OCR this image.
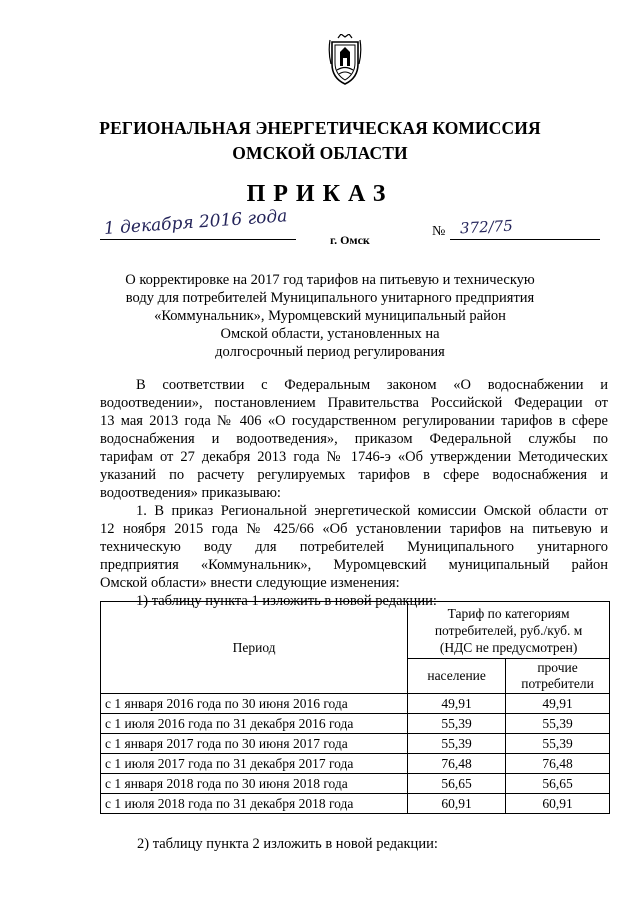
РЕГИОНАЛЬНАЯ ЭНЕРГЕТИЧЕСКАЯ КОМИССИЯ
ОМСКОЙ ОБЛАСТИ
ПРИКАЗ
1 декабря 2016 года
г. Омск
№ 372/75
О корректировке на 2017 год тарифов на питьевую и техническую
воду для потребителей Муниципального унитарного предприятия
«Коммунальник», Муромцевский муниципальный район
Омской области, установленных на
долгосрочный период регулирования
В соответствии с Федеральным законом «О водоснабжении и
водоотведении», постановлением Правительства Российской Федерации от
13 мая 2013 года № 406 «О государственном регулировании тарифов в сфере
водоснабжения и водоотведения», приказом Федеральной службы по
тарифам от 27 декабря 2013 года № 1746-э «Об утверждении Методических
указаний по расчету регулируемых тарифов в сфере водоснабжения и
водоотведения» приказываю:
1. В приказ Региональной энергетической комиссии Омской области от
12 ноября 2015 года № 425/66 «Об установлении тарифов на питьевую и
техническую воду для потребителей Муниципального унитарного
предприятия «Коммунальник», Муромцевский муниципальный район
Омской области» внести следующие изменения:
1) таблицу пункта 1 изложить в новой редакции:
Период	Тариф по категориям
потребителей, руб./куб. м
(НДС не предусмотрен)	

	население	прочие
потребители

с 1 января 2016 года по 30 июня 2016 года	49,91	49,91
с 1 июля 2016 года по 31 декабря 2016 года	55,39	55,39
с 1 января 2017 года по 30 июня 2017 года	55,39	55,39
с 1 июля 2017 года по 31 декабря 2017 года	76,48	76,48
с 1 января 2018 года по 30 июня 2018 года	56,65	56,65
с 1 июля 2018 года по 31 декабря 2018 года	60,91	60,91
2) таблицу пункта 2 изложить в новой редакции:
